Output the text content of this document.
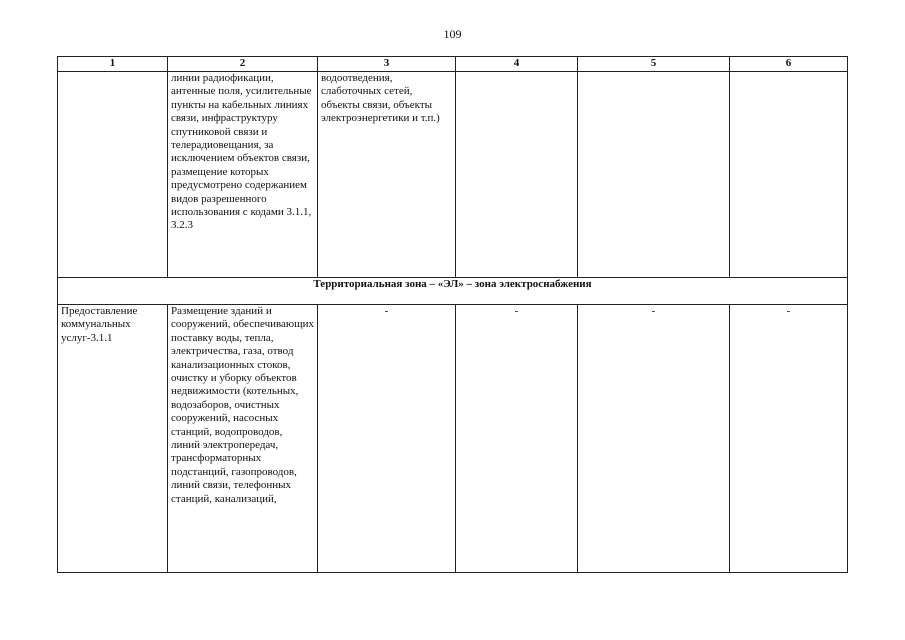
109
1	2	3	4	5	6
	линии радиофикации, антенные поля, усилительные пункты на кабельных линиях связи, инфраструктуру спутниковой связи и телерадиовещания, за исключением объектов связи, размещение которых предусмотрено содержанием видов разрешенного использования с кодами 3.1.1, 3.2.3	водоотведения, слаботочных сетей, объекты связи, объекты электроэнергетики и т.п.)			
Территориальная зона – «ЭЛ» – зона электроснабжения					
Предоставление коммунальных услуг-3.1.1	Размещение зданий и сооружений, обеспечивающих поставку воды, тепла, электричества, газа, отвод канализационных стоков, очистку и уборку объектов недвижимости (котельных, водозаборов, очистных сооружений, насосных станций, водопроводов, линий электропередач, трансформаторных подстанций, газопроводов, линий связи, телефонных станций, канализаций,	-	-	-	-
